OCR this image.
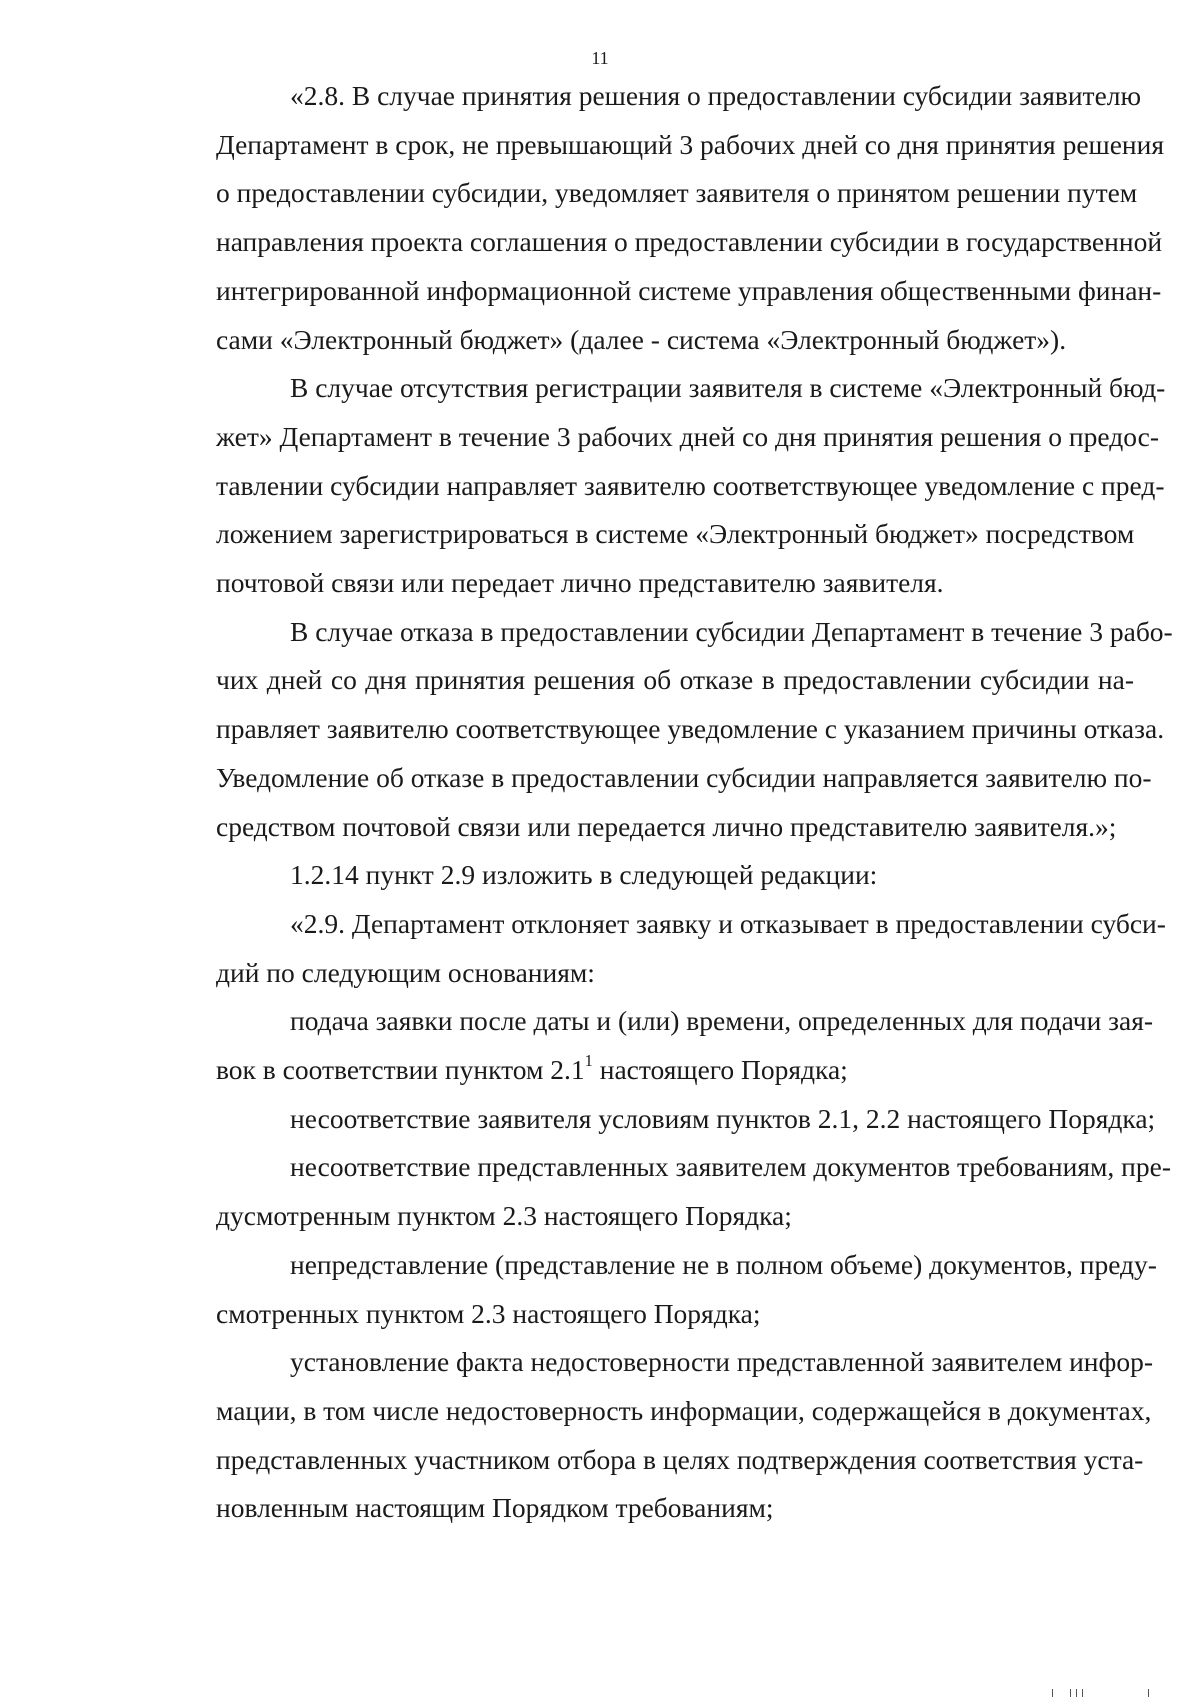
11

«2.8. В случае принятия решения о предоставлении субсидии заявителю
Департамент в срок, не превышающий 3 рабочих дней со дня принятия решения
о предоставлении субсидии, уведомляет заявителя о принятом решении путем
направления проекта соглашения о предоставлении субсидии в государственной
интегрированной информационной системе управления общественными финан-
сами «Электронный бюджет» (далее - система «Электронный бюджет»).

В случае отсутствия регистрации заявителя в системе «Электронный бюд-
жет» Департамент в течение 3 рабочих дней со дня принятия решения о предос-
тавлении субсидии направляет заявителю соответствующее уведомление с пред-
ложением зарегистрироваться в системе «Электронный бюджет» посредством
почтовой связи или передает лично представителю заявителя.

В случае отказа в предоставлении субсидии Департамент в течение 3 рабо-
чих дней со дня принятия решения об отказе в предоставлении субсидии на-
правляет заявителю соответствующее уведомление с указанием причины отказа.
Уведомление об отказе в предоставлении субсидии направляется заявителю по-
средством почтовой связи или передается лично представителю заявителя.»;

1.2.14 пункт 2.9 изложить в следующей редакции:

«2.9. Департамент отклоняет заявку и отказывает в предоставлении субси-
дий по следующим основаниям:

подача заявки после даты и (или) времени, определенных для подачи зая-
вок в соответствии пунктом $2.1^1$ настоящего Порядка;

несоответствие заявителя условиям пунктов 2.1, 2.2 настоящего Порядка;

несоответствие представленных заявителем документов требованиям, пре-
дусмотренным пунктом 2.3 настоящего Порядка;

непредставление (представление не в полном объеме) документов, преду-
смотренных пунктом 2.3 настоящего Порядка;

установление факта недостоверности представленной заявителем инфор-
мации, в том числе недостоверность информации, содержащейся в документах,
представленных участником отбора в целях подтверждения соответствия уста-
новленным настоящим Порядком требованиям;
